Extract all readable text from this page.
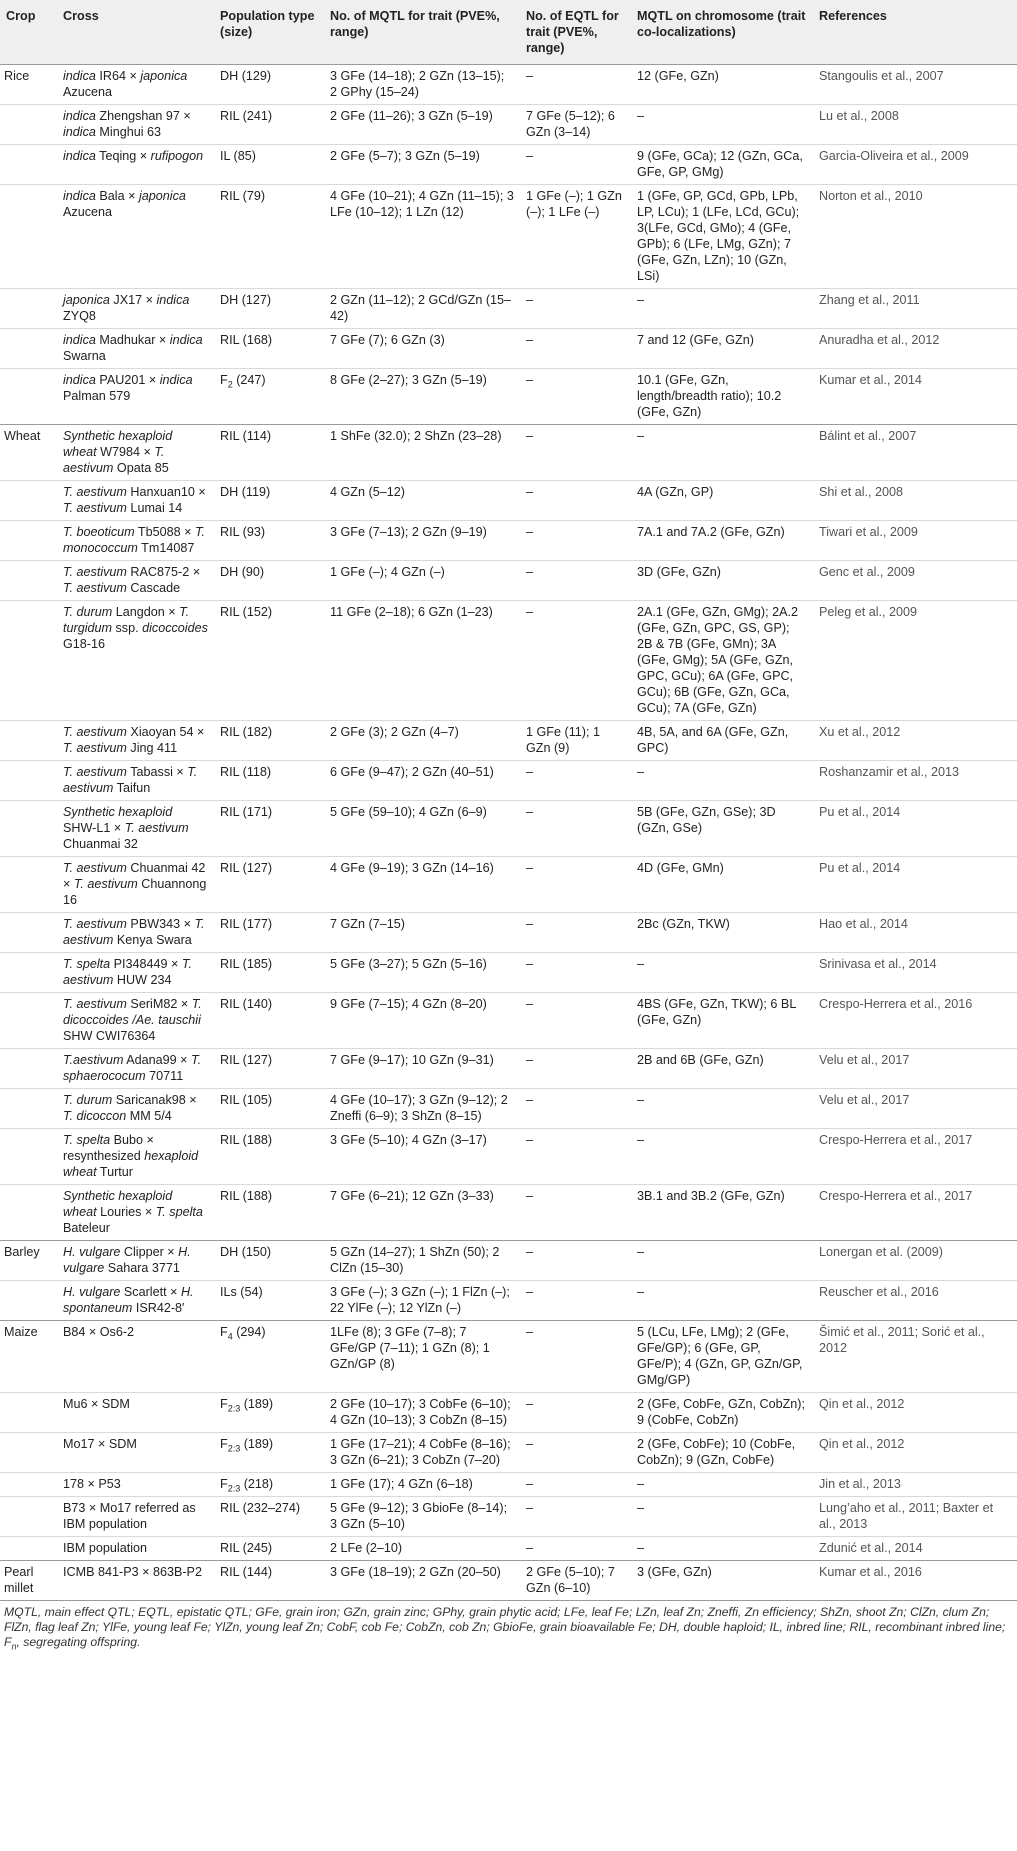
Crop	Cross	Population type (size)	No. of MQTL for trait (PVE%, range)	No. of EQTL for trait (PVE%, range)	MQTL on chromosome (trait co-localizations)	References
Rice	indica IR64 × japonica Azucena	DH (129)	3 GFe (14–18); 2 GZn (13–15); 2 GPhy (15–24)	–	12 (GFe, GZn)	Stangoulis et al., 2007
	indica Zhengshan 97 × indica Minghui 63	RIL (241)	2 GFe (11–26); 3 GZn (5–19)	7 GFe (5–12); 6 GZn (3–14)	–	Lu et al., 2008
	indica Teqing × rufipogon	IL (85)	2 GFe (5–7); 3 GZn (5–19)	–	9 (GFe, GCa); 12 (GZn, GCa, GFe, GP, GMg)	Garcia-Oliveira et al., 2009
	indica Bala × japonica Azucena	RIL (79)	4 GFe (10–21); 4 GZn (11–15); 3 LFe (10–12); 1 LZn (12)	1 GFe (–); 1 GZn (–); 1 LFe (–)	1 (GFe, GP, GCd, GPb, LPb, LP, LCu); 1 (LFe, LCd, GCu); 3(LFe, GCd, GMo); 4 (GFe, GPb); 6 (LFe, LMg, GZn); 7 (GFe, GZn, LZn); 10 (GZn, LSi)	Norton et al., 2010
	japonica JX17 × indica ZYQ8	DH (127)	2 GZn (11–12); 2 GCd/GZn (15–42)	–	–	Zhang et al., 2011
	indica Madhukar × indica Swarna	RIL (168)	7 GFe (7); 6 GZn (3)	–	7 and 12 (GFe, GZn)	Anuradha et al., 2012
	indica PAU201 × indica Palman 579	$F_2$ (247)	8 GFe (2–27); 3 GZn (5–19)	–	10.1 (GFe, GZn, length/breadth ratio); 10.2 (GFe, GZn)	Kumar et al., 2014
Wheat	Synthetic hexaploid wheat W7984 × T. aestivum Opata 85	RIL (114)	1 ShFe (32.0); 2 ShZn (23–28)	–	–	Bálint et al., 2007
	T. aestivum Hanxuan10 × T. aestivum Lumai 14	DH (119)	4 GZn (5–12)	–	4A (GZn, GP)	Shi et al., 2008
	T. boeoticum Tb5088 × T. monococcum Tm14087	RIL (93)	3 GFe (7–13); 2 GZn (9–19)	–	7A.1 and 7A.2 (GFe, GZn)	Tiwari et al., 2009
	T. aestivum RAC875-2 × T. aestivum Cascade	DH (90)	1 GFe (–); 4 GZn (–)	–	3D (GFe, GZn)	Genc et al., 2009
	T. durum Langdon × T. turgidum ssp. dicoccoides G18-16	RIL (152)	11 GFe (2–18); 6 GZn (1–23)	–	2A.1 (GFe, GZn, GMg); 2A.2 (GFe, GZn, GPC, GS, GP); 2B & 7B (GFe, GMn); 3A (GFe, GMg); 5A (GFe, GZn, GPC, GCu); 6A (GFe, GPC, GCu); 6B (GFe, GZn, GCa, GCu); 7A (GFe, GZn)	Peleg et al., 2009
	T. aestivum Xiaoyan 54 × T. aestivum Jing 411	RIL (182)	2 GFe (3); 2 GZn (4–7)	1 GFe (11); 1 GZn (9)	4B, 5A, and 6A (GFe, GZn, GPC)	Xu et al., 2012
	T. aestivum Tabassi × T. aestivum Taifun	RIL (118)	6 GFe (9–47); 2 GZn (40–51)	–	–	Roshanzamir et al., 2013
	Synthetic hexaploid SHW-L1 × T. aestivum Chuanmai 32	RIL (171)	5 GFe (59–10); 4 GZn (6–9)	–	5B (GFe, GZn, GSe); 3D (GZn, GSe)	Pu et al., 2014
	T. aestivum Chuanmai 42 × T. aestivum Chuannong 16	RIL (127)	4 GFe (9–19); 3 GZn (14–16)	–	4D (GFe, GMn)	Pu et al., 2014
	T. aestivum PBW343 × T. aestivum Kenya Swara	RIL (177)	7 GZn (7–15)	–	2Bc (GZn, TKW)	Hao et al., 2014
	T. spelta PI348449 × T. aestivum HUW 234	RIL (185)	5 GFe (3–27); 5 GZn (5–16)	–	–	Srinivasa et al., 2014
	T. aestivum SeriM82 × T. dicoccoides /Ae. tauschii SHW CWI76364	RIL (140)	9 GFe (7–15); 4 GZn (8–20)	–	4BS (GFe, GZn, TKW); 6 BL (GFe, GZn)	Crespo-Herrera et al., 2016
	T.aestivum Adana99 × T. sphaerococum 70711	RIL (127)	7 GFe (9–17); 10 GZn (9–31)	–	2B and 6B (GFe, GZn)	Velu et al., 2017
	T. durum Saricanak98 × T. dicoccon MM 5/4	RIL (105)	4 GFe (10–17); 3 GZn (9–12); 2 Zneffi (6–9); 3 ShZn (8–15)	–	–	Velu et al., 2017
	T. spelta Bubo × resynthesized hexaploid wheat Turtur	RIL (188)	3 GFe (5–10); 4 GZn (3–17)	–	–	Crespo-Herrera et al., 2017
	Synthetic hexaploid wheat Louries × T. spelta Bateleur	RIL (188)	7 GFe (6–21); 12 GZn (3–33)	–	3B.1 and 3B.2 (GFe, GZn)	Crespo-Herrera et al., 2017
Barley	H. vulgare Clipper × H. vulgare Sahara 3771	DH (150)	5 GZn (14–27); 1 ShZn (50); 2 ClZn (15–30)	–	–	Lonergan et al. (2009)
	H. vulgare Scarlett × H. spontaneum ISR42-8′	ILs (54)	3 GFe (–); 3 GZn (–); 1 FlZn (–); 22 YlFe (–); 12 YlZn (–)	–	–	Reuscher et al., 2016
Maize	B84 × Os6-2	$F_4$ (294)	1LFe (8); 3 GFe (7–8); 7 GFe/GP (7–11); 1 GZn (8); 1 GZn/GP (8)	–	5 (LCu, LFe, LMg); 2 (GFe, GFe/GP); 6 (GFe, GP, GFe/P); 4 (GZn, GP, GZn/GP, GMg/GP)	Šimić et al., 2011; Sorić et al., 2012
	Mu6 × SDM	$F_{2:3}$ (189)	2 GFe (10–17); 3 CobFe (6–10); 4 GZn (10–13); 3 CobZn (8–15)	–	2 (GFe, CobFe, GZn, CobZn); 9 (CobFe, CobZn)	Qin et al., 2012
	Mo17 × SDM	$F_{2:3}$ (189)	1 GFe (17–21); 4 CobFe (8–16); 3 GZn (6–21); 3 CobZn (7–20)	–	2 (GFe, CobFe); 10 (CobFe, CobZn); 9 (GZn, CobFe)	Qin et al., 2012
	178 × P53	$F_{2:3}$ (218)	1 GFe (17); 4 GZn (6–18)	–	–	Jin et al., 2013
	B73 × Mo17 referred as IBM population	RIL (232–274)	5 GFe (9–12); 3 GbioFe (8–14); 3 GZn (5–10)	–	–	Lung’aho et al., 2011; Baxter et al., 2013
	IBM population	RIL (245)	2 LFe (2–10)	–	–	Zdunić et al., 2014
Pearl millet	ICMB 841-P3 × 863B-P2	RIL (144)	3 GFe (18–19); 2 GZn (20–50)	2 GFe (5–10); 7 GZn (6–10)	3 (GFe, GZn)	Kumar et al., 2016
MQTL, main effect QTL; EQTL, epistatic QTL; GFe, grain iron; GZn, grain zinc; GPhy, grain phytic acid; LFe, leaf Fe; LZn, leaf Zn; Zneffi, Zn efficiency; ShZn, shoot Zn; ClZn, clum Zn; FlZn, flag leaf Zn; YlFe, young leaf Fe; YlZn, young leaf Zn; CobF, cob Fe; CobZn, cob Zn; GbioFe, grain bioavailable Fe; DH, double haploid; IL, inbred line; RIL, recombinant inbred line; $F_n$, segregating offspring.
